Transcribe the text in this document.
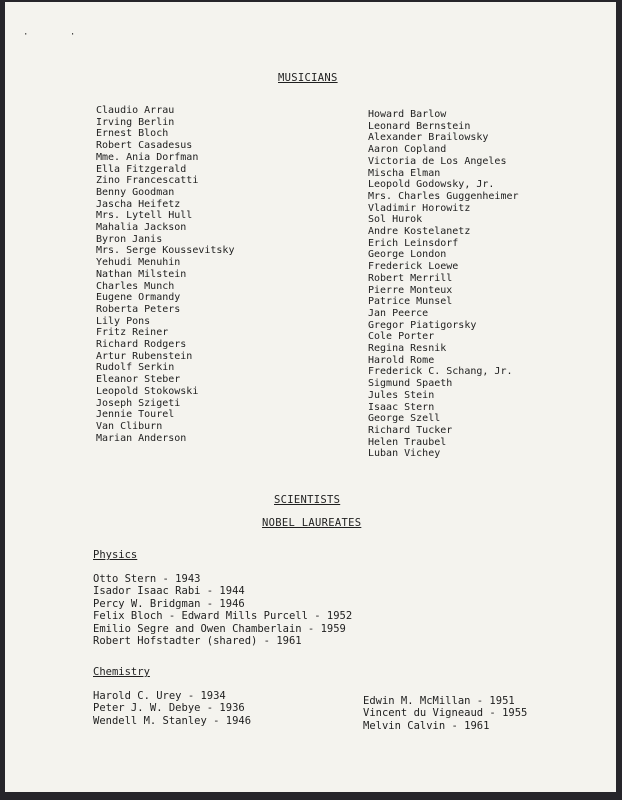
· ·
MUSICIANS
Claudio Arrau
Irving Berlin
Ernest Bloch
Robert Casadesus
Mme. Ania Dorfman
Ella Fitzgerald
Zino Francescatti
Benny Goodman
Jascha Heifetz
Mrs. Lytell Hull
Mahalia Jackson
Byron Janis
Mrs. Serge Koussevitsky
Yehudi Menuhin
Nathan Milstein
Charles Munch
Eugene Ormandy
Roberta Peters
Lily Pons
Fritz Reiner
Richard Rodgers
Artur Rubenstein
Rudolf Serkin
Eleanor Steber
Leopold Stokowski
Joseph Szigeti
Jennie Tourel
Van Cliburn
Marian Anderson
Howard Barlow
Leonard Bernstein
Alexander Brailowsky
Aaron Copland
Victoria de Los Angeles
Mischa Elman
Leopold Godowsky, Jr.
Mrs. Charles Guggenheimer
Vladimir Horowitz
Sol Hurok
Andre Kostelanetz
Erich Leinsdorf
George London
Frederick Loewe
Robert Merrill
Pierre Monteux
Patrice Munsel
Jan Peerce
Gregor Piatigorsky
Cole Porter
Regina Resnik
Harold Rome
Frederick C. Schang, Jr.
Sigmund Spaeth
Jules Stein
Isaac Stern
George Szell
Richard Tucker
Helen Traubel
Luban Vichey
SCIENTISTS
NOBEL LAUREATES
Physics
Otto Stern - 1943
Isador Isaac Rabi - 1944
Percy W. Bridgman - 1946
Felix Bloch - Edward Mills Purcell - 1952
Emilio Segre and Owen Chamberlain - 1959
Robert Hofstadter (shared) - 1961
Chemistry
Harold C. Urey - 1934
Peter J. W. Debye - 1936
Wendell M. Stanley - 1946
Edwin M. McMillan - 1951
Vincent du Vigneaud - 1955
Melvin Calvin - 1961
